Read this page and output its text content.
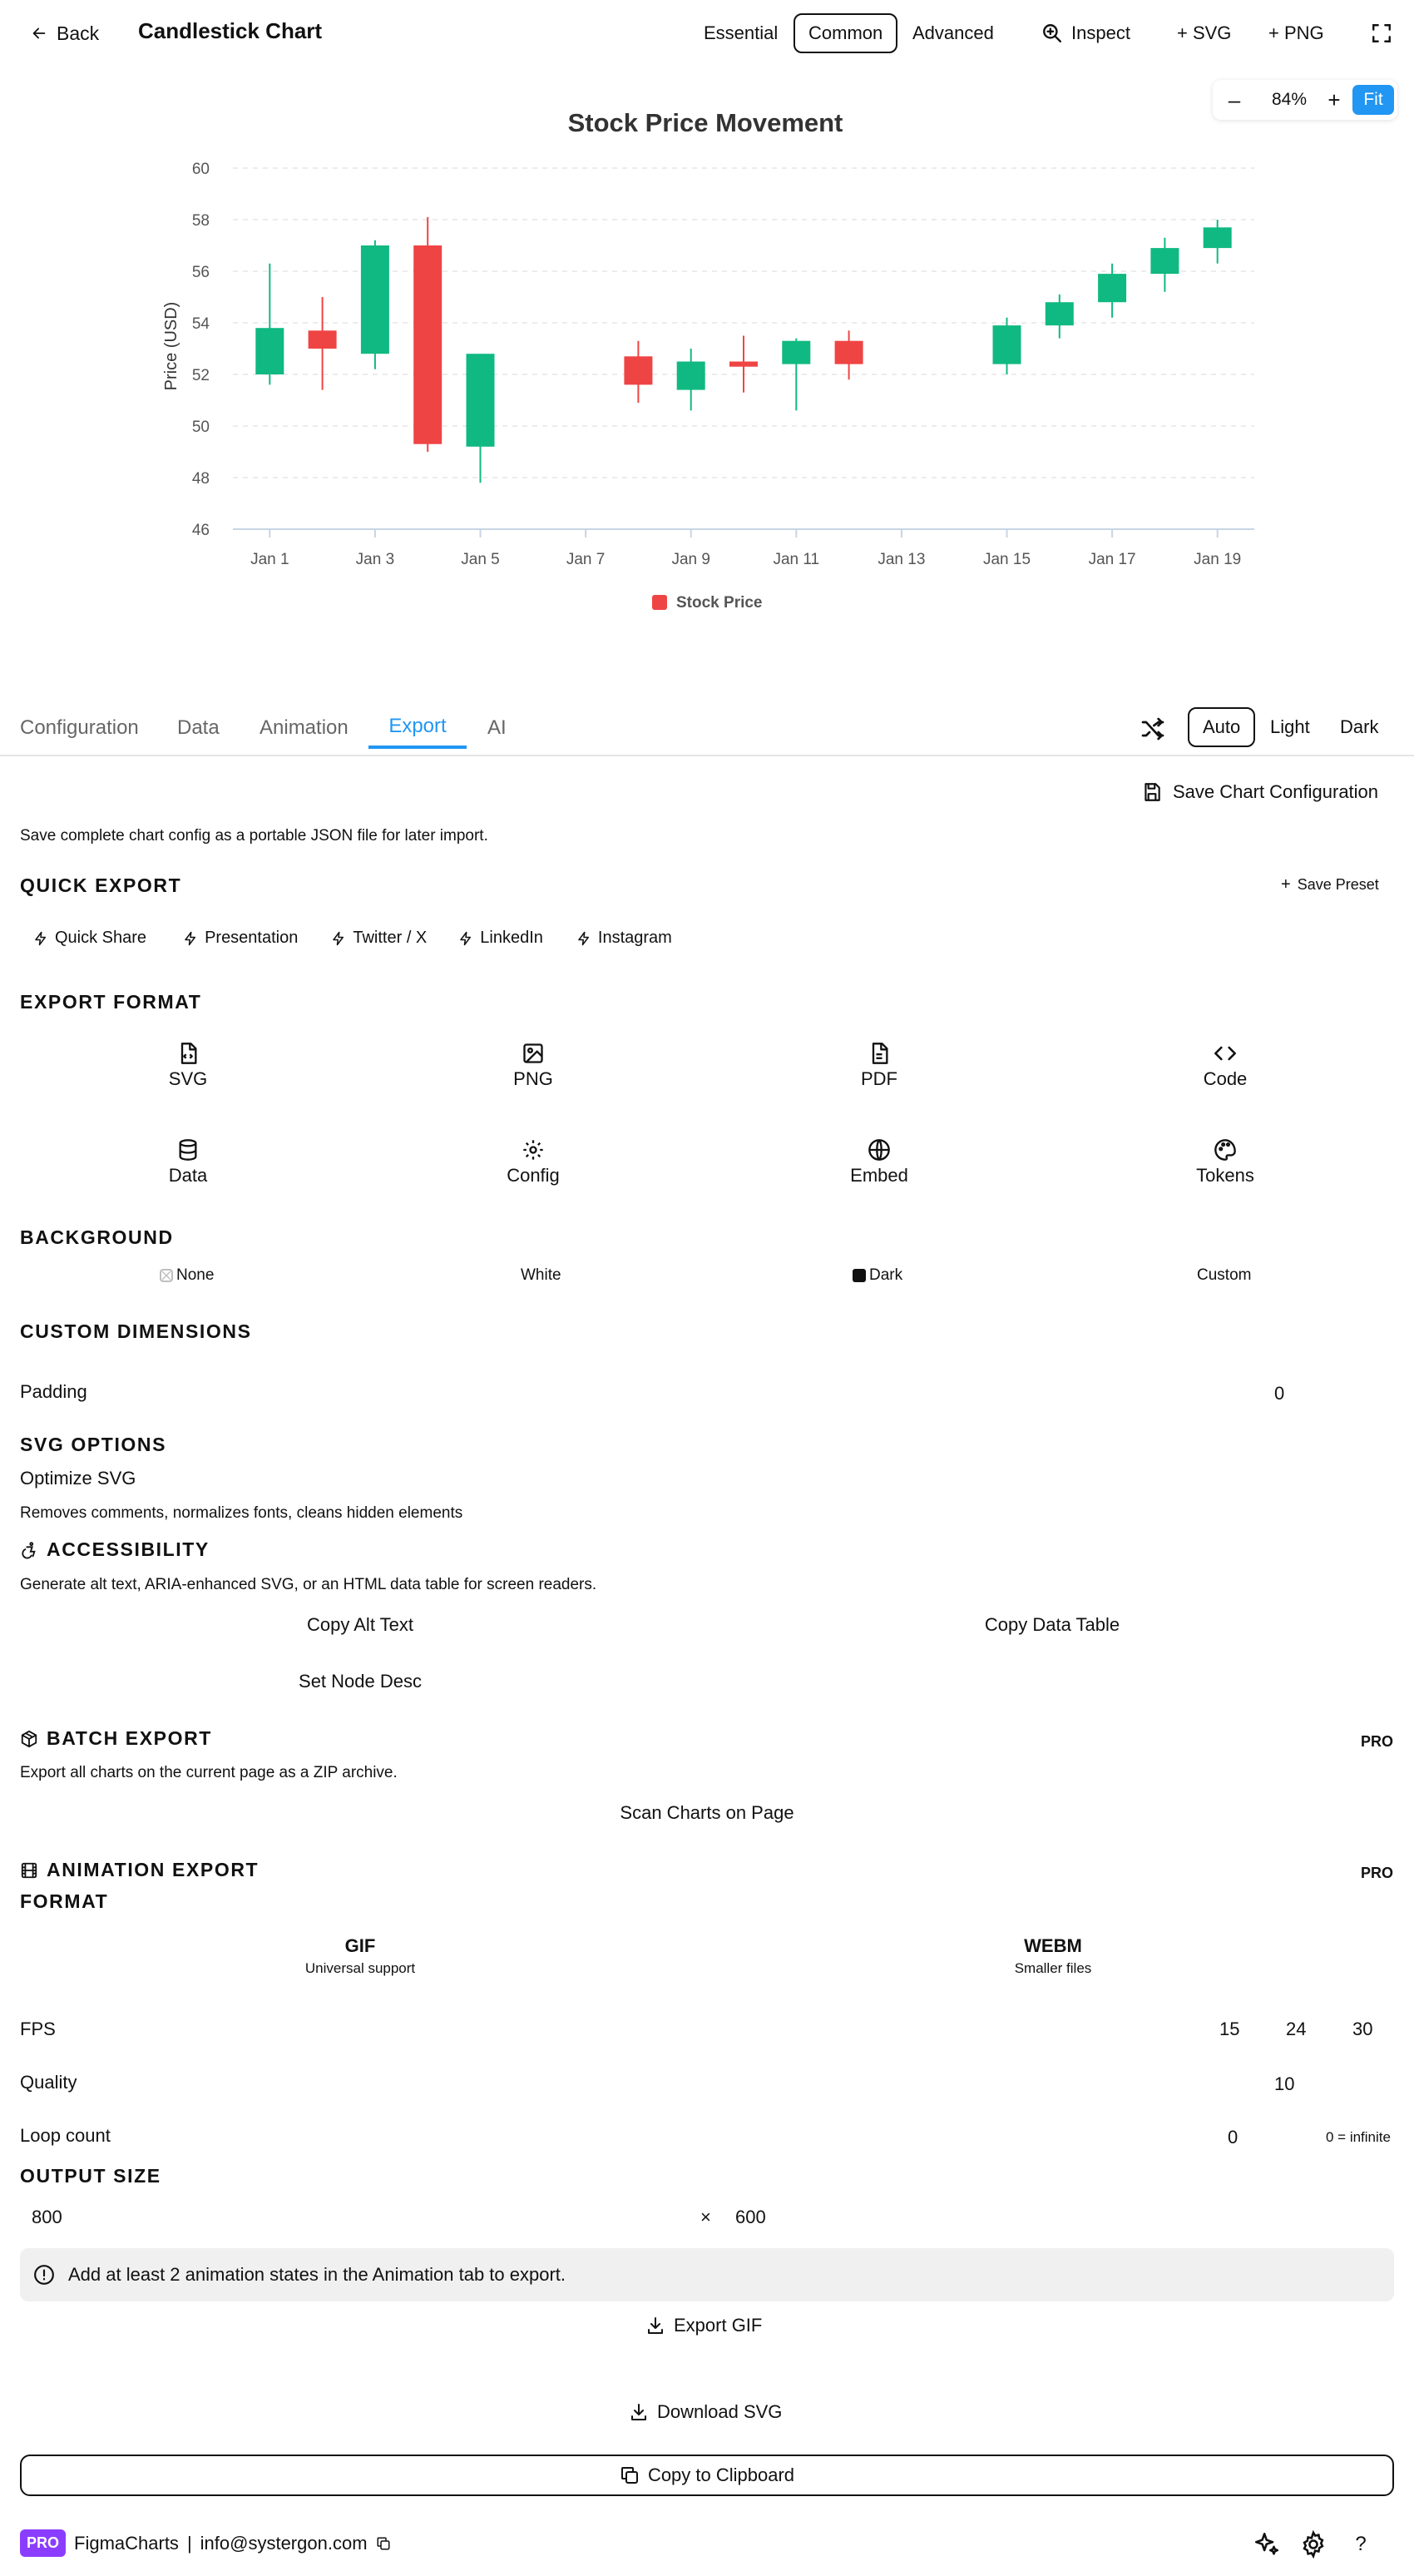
Back Candlestick Chart	Essential	Common	Advanced	Inspect	+ SVG + PNG
–	84% +	Fit
Stock Price Movement
Price (USD)
60
58
56
54
52
50
48
46
Jan 1	Jan 3	Jan 5	Jan 7	Jan 9	Jan 11	Jan 13	Jan 15	Jan 17	Jan 19
Stock Price
Configuration Data Animation	Export	AI	Auto	Light	Dark
Save Chart Configuration
Save complete chart config as a portable JSON file for later import.
QUICK EXPORT	+ Save Preset
Quick Share	Presentation	Twitter / X	LinkedIn	Instagram
EXPORT FORMAT
SVG	PNG	PDF	Code
Data	Config	Embed	Tokens
BACKGROUND
None	White	Dark	Custom
CUSTOM DIMENSIONS
Padding	0
SVG OPTIONS
Optimize SVG
Removes comments, normalizes fonts, cleans hidden elements
ACCESSIBILITY
Generate alt text, ARIA-enhanced SVG, or an HTML data table for screen readers.
Copy Alt Text	Copy Data Table
Set Node Desc
BATCH EXPORT	PRO
Export all charts on the current page as a ZIP archive.
Scan Charts on Page
ANIMATION EXPORT	PRO
FORMAT
GIF
Universal support
WEBM
Smaller files
FPS	15	24	30
Quality	10
Loop count	0	0 = infinite
OUTPUT SIZE
800	× 600
Add at least 2 animation states in the Animation tab to export.
Export GIF
Download SVG
Copy to Clipboard
PRO FigmaCharts | info@systergon.com	?
